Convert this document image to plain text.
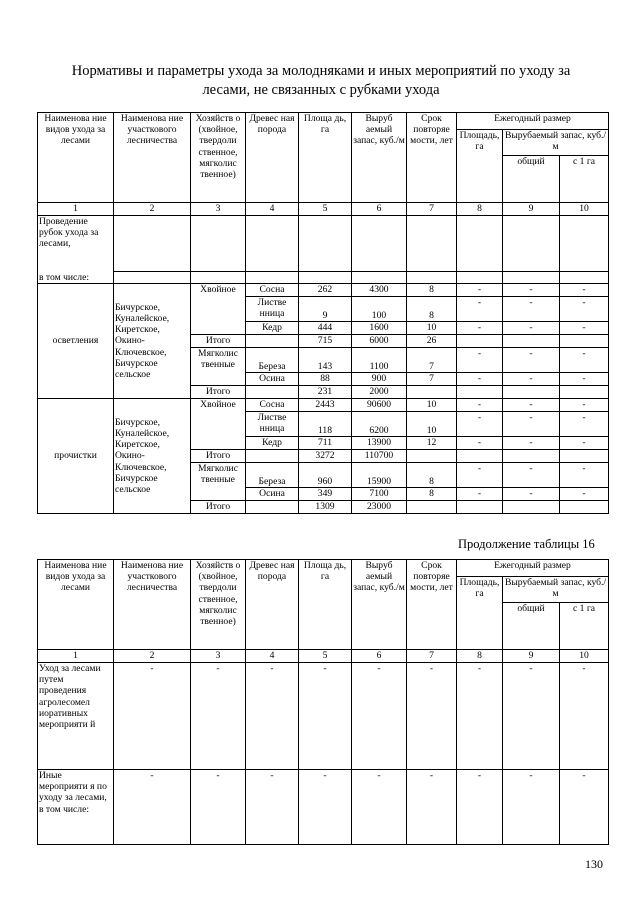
Нормативы и параметры ухода за молодняками и иных мероприятий по уходу за
лесами, не связанных с рубками ухода
Наименова ние видов ухода за лесами	Наименова ние участкового лесничества	Хозяйств о (хвойное, твердоли ственное, мягколис твенное)	Древес ная порода	Площа дь, га	Выруб аемый запас, куб./м	Срок повторяе мости, лет	Ежегодный размер		
							Площадь, га	Вырубаемый запас, куб./м	
								общий	с 1 га
1	2	3	4	5	6	7	8	9	10
Проведение рубок ухода за лесами,									
в том числе:									
осветления	Бичурское, Куналейское, Киретское, Окино-Ключевское, Бичурское сельское	Хвойное	Сосна	262	4300	8	-	-	-
			Листве нница	9	100	8	-	-	-
			Кедр	444	1600	10	-	-	-
		Итого		715	6000	26			
		Мягколис твенные	Береза	143	1100	7	-	-	-
			Осина	88	900	7	-	-	-
		Итого		231	2000				
прочистки	Бичурское, Куналейское, Киретское, Окино-Ключевское, Бичурское сельское	Хвойное	Сосна	2443	90600	10	-	-	-
			Листве нница	118	6200	10	-	-	-
			Кедр	711	13900	12	-	-	-
		Итого		3272	110700				
		Мягколис твенные	Береза	960	15900	8	-	-	-
			Осина	349	7100	8	-	-	-
		Итого		1309	23000				
Продолжение таблицы 16
Наименова ние видов ухода за лесами	Наименова ние участкового лесничества	Хозяйств о (хвойное, твердоли ственное, мягколис твенное)	Древес ная порода	Площа дь, га	Выруб аемый запас, куб./м	Срок повторяе мости, лет	Ежегодный размер		
							Площадь, га	Вырубаемый запас, куб./м	
								общий	с 1 га
1	2	3	4	5	6	7	8	9	10
Уход за лесами путем проведения агролесомел иоративных мероприяти й	-	-	-	-	-	-	-	-	-
Иные мероприяти я по уходу за лесами, в том числе:	-	-	-	-	-	-	-	-	-
130
